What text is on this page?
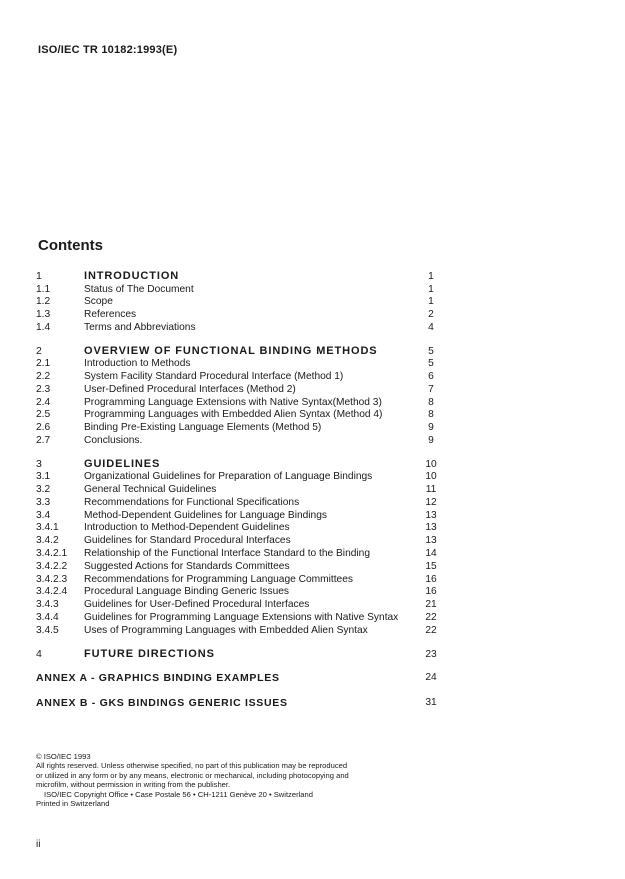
ISO/IEC TR 10182:1993(E)
Contents
1	INTRODUCTION	1
1.1	Status of The Document	1
1.2	Scope	1
1.3	References	2
1.4	Terms and Abbreviations	4
2	OVERVIEW OF FUNCTIONAL BINDING METHODS	5
2.1	Introduction to Methods	5
2.2	System Facility Standard Procedural Interface (Method 1)	6
2.3	User-Defined Procedural Interfaces (Method 2)	7
2.4	Programming Language Extensions with Native Syntax(Method 3)	8
2.5	Programming Languages with Embedded Alien Syntax (Method 4)	8
2.6	Binding Pre-Existing Language Elements (Method 5)	9
2.7	Conclusions.	9
3	GUIDELINES	10
3.1	Organizational Guidelines for Preparation of Language Bindings	10
3.2	General Technical Guidelines	11
3.3	Recommendations for Functional Specifications	12
3.4	Method-Dependent Guidelines for Language Bindings	13
3.4.1 Introduction to Method-Dependent Guidelines	13
3.4.2 Guidelines for Standard Procedural Interfaces	13
3.4.2.1 Relationship of the Functional Interface Standard to the Binding	14
3.4.2.2 Suggested Actions for Standards Committees	15
3.4.2.3 Recommendations for Programming Language Committees	16
3.4.2.4 Procedural Language Binding Generic Issues	16
3.4.3 Guidelines for User-Defined Procedural Interfaces	21
3.4.4 Guidelines for Programming Language Extensions with Native Syntax	22
3.4.5 Uses of Programming Languages with Embedded Alien Syntax	22
4	FUTURE DIRECTIONS	23
ANNEX A - GRAPHICS BINDING EXAMPLES	24
ANNEX B - GKS BINDINGS GENERIC ISSUES	31
© ISO/IEC 1993
All rights reserved. Unless otherwise specified, no part of this publication may be reproduced
or utilized in any form or by any means, electronic or mechanical, including photocopying and
microfilm, without permission in writing from the publisher.
ISO/IEC Copyright Office • Case Postale 56 • CH-1211 Genève 20 • Switzerland
Printed in Switzerland
ii
